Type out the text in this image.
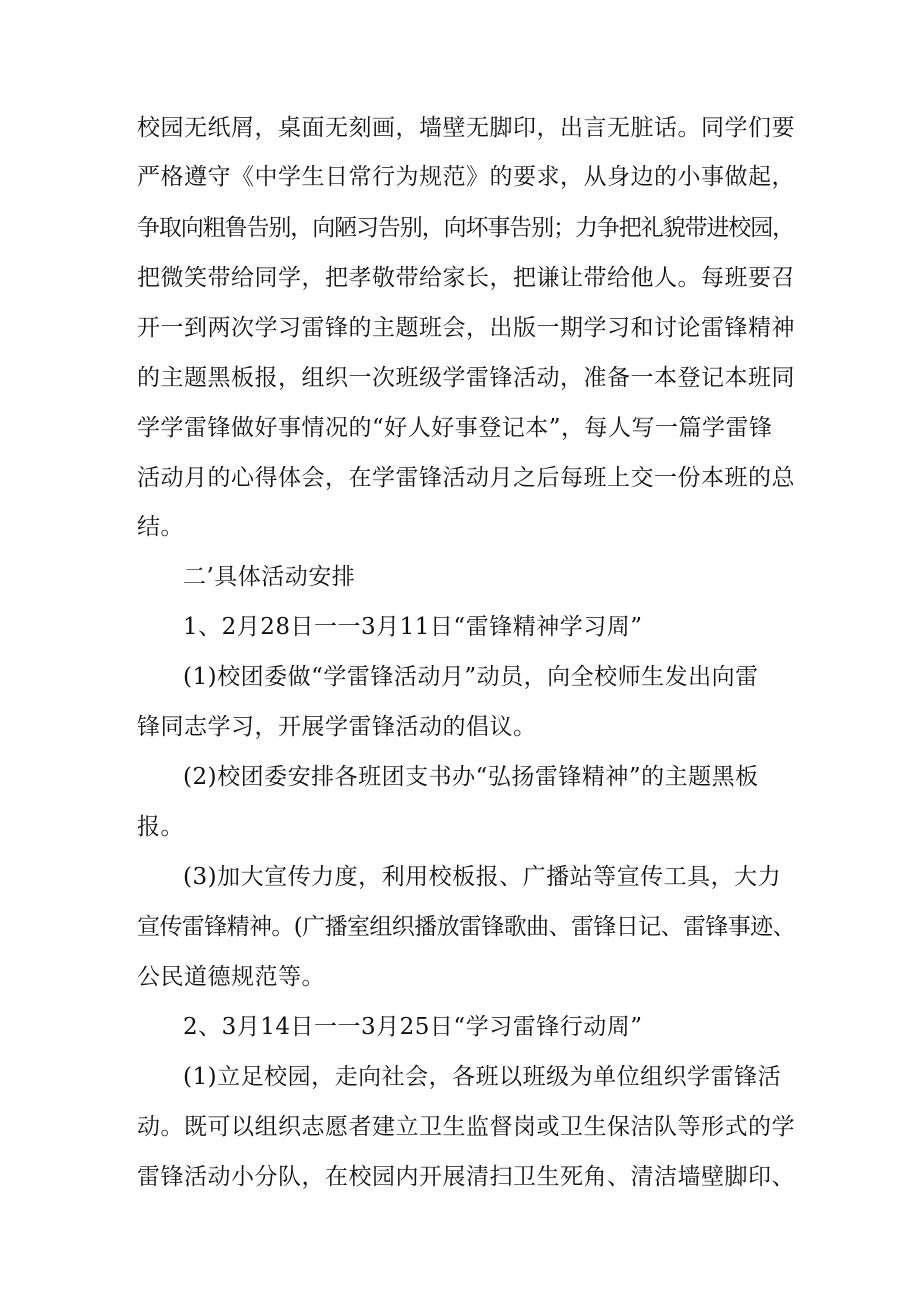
校园无纸屑，桌面无刻画，墙壁无脚印，出言无脏话。同学们要
严格遵守《中学生日常行为规范》的要求，从身边的小事做起，
争取向粗鲁告别，向陋习告别，向坏事告别；力争把礼貌带进校园，
把微笑带给同学，把孝敬带给家长，把谦让带给他人。每班要召
开一到两次学习雷锋的主题班会，出版一期学习和讨论雷锋精神
的主题黑板报，组织一次班级学雷锋活动，准备一本登记本班同
学学雷锋做好事情况的“好人好事登记本”，每人写一篇学雷锋
活动月的心得体会，在学雷锋活动月之后每班上交一份本班的总
结。
二’具体活动安排
1、2月28日一一3月11日“雷锋精神学习周”
(1)校团委做“学雷锋活动月”动员，向全校师生发出向雷
锋同志学习，开展学雷锋活动的倡议。
(2)校团委安排各班团支书办“弘扬雷锋精神”的主题黑板
报。
(3)加大宣传力度，利用校板报、广播站等宣传工具，大力
宣传雷锋精神。(广播室组织播放雷锋歌曲、雷锋日记、雷锋事迹、
公民道德规范等。
2、3月14日一一3月25日“学习雷锋行动周”
(1)立足校园，走向社会，各班以班级为单位组织学雷锋活
动。既可以组织志愿者建立卫生监督岗或卫生保洁队等形式的学
雷锋活动小分队，在校园内开展清扫卫生死角、清洁墙壁脚印、
